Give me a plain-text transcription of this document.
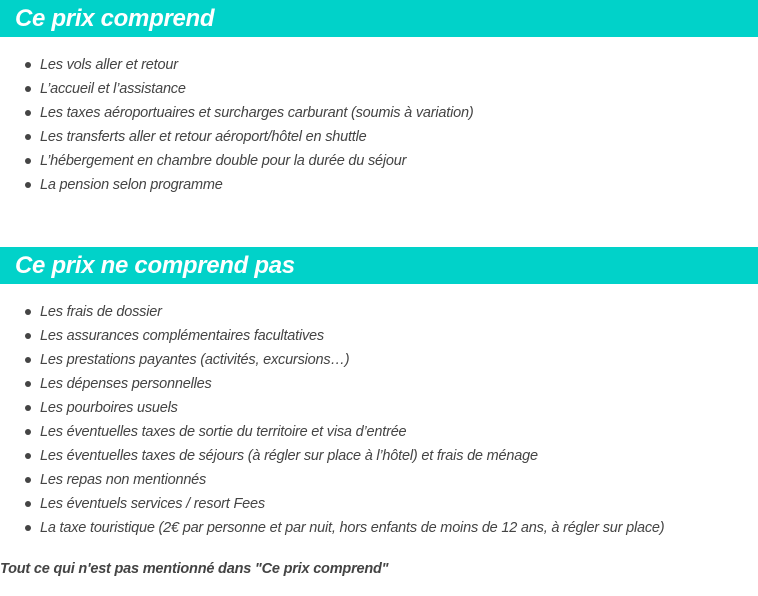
Ce prix comprend
Les vols aller et retour
L’accueil et l’assistance
Les taxes aéroportuaires et surcharges carburant (soumis à variation)
Les transferts aller et retour aéroport/hôtel en shuttle
L’hébergement en chambre double pour la durée du séjour
La pension selon programme
Ce prix ne comprend pas
Les frais de dossier
Les assurances complémentaires facultatives
Les prestations payantes (activités, excursions…)
Les dépenses personnelles
Les pourboires usuels
Les éventuelles taxes de sortie du territoire et visa d’entrée
Les éventuelles taxes de séjours (à régler sur place à l’hôtel) et frais de ménage
Les repas non mentionnés
Les éventuels services / resort Fees
La taxe touristique (2€ par personne et par nuit, hors enfants de moins de 12 ans, à régler sur place)
Tout ce qui n'est pas mentionné dans "Ce prix comprend"
